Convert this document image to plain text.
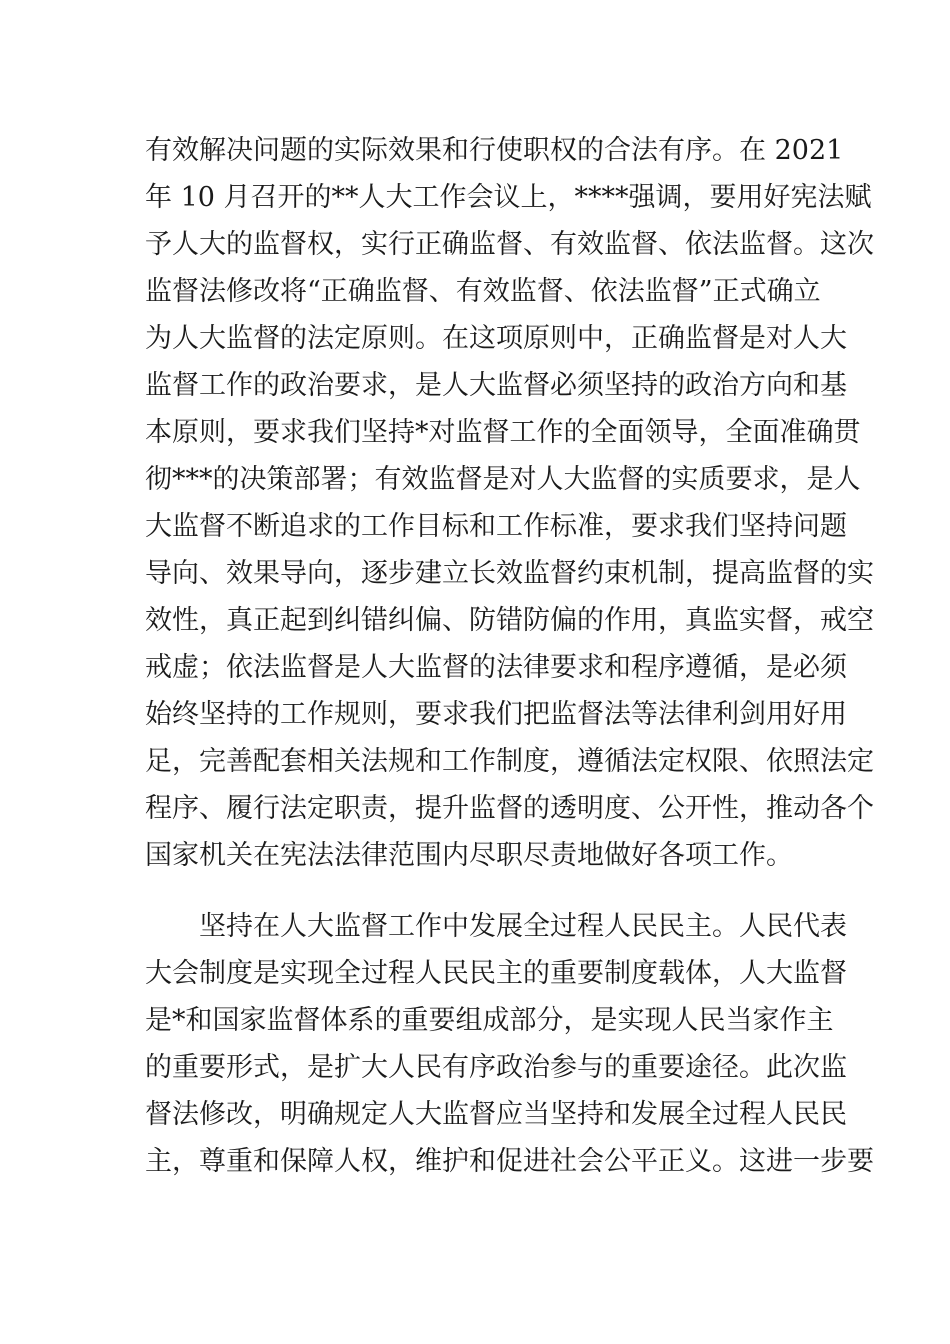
有效解决问题的实际效果和行使职权的合法有序。在 2021
年 10 月召开的**人大工作会议上，****强调，要用好宪法赋
予人大的监督权，实行正确监督、有效监督、依法监督。这次
监督法修改将“正确监督、有效监督、依法监督”正式确立
为人大监督的法定原则。在这项原则中，正确监督是对人大
监督工作的政治要求，是人大监督必须坚持的政治方向和基
本原则，要求我们坚持*对监督工作的全面领导，全面准确贯
彻***的决策部署；有效监督是对人大监督的实质要求，是人
大监督不断追求的工作目标和工作标准，要求我们坚持问题
导向、效果导向，逐步建立长效监督约束机制，提高监督的实
效性，真正起到纠错纠偏、防错防偏的作用，真监实督，戒空
戒虚；依法监督是人大监督的法律要求和程序遵循，是必须
始终坚持的工作规则，要求我们把监督法等法律利剑用好用
足，完善配套相关法规和工作制度，遵循法定权限、依照法定
程序、履行法定职责，提升监督的透明度、公开性，推动各个
国家机关在宪法法律范围内尽职尽责地做好各项工作。
坚持在人大监督工作中发展全过程人民民主。人民代表
大会制度是实现全过程人民民主的重要制度载体，人大监督
是*和国家监督体系的重要组成部分，是实现人民当家作主
的重要形式，是扩大人民有序政治参与的重要途径。此次监
督法修改，明确规定人大监督应当坚持和发展全过程人民民
主，尊重和保障人权，维护和促进社会公平正义。这进一步要
